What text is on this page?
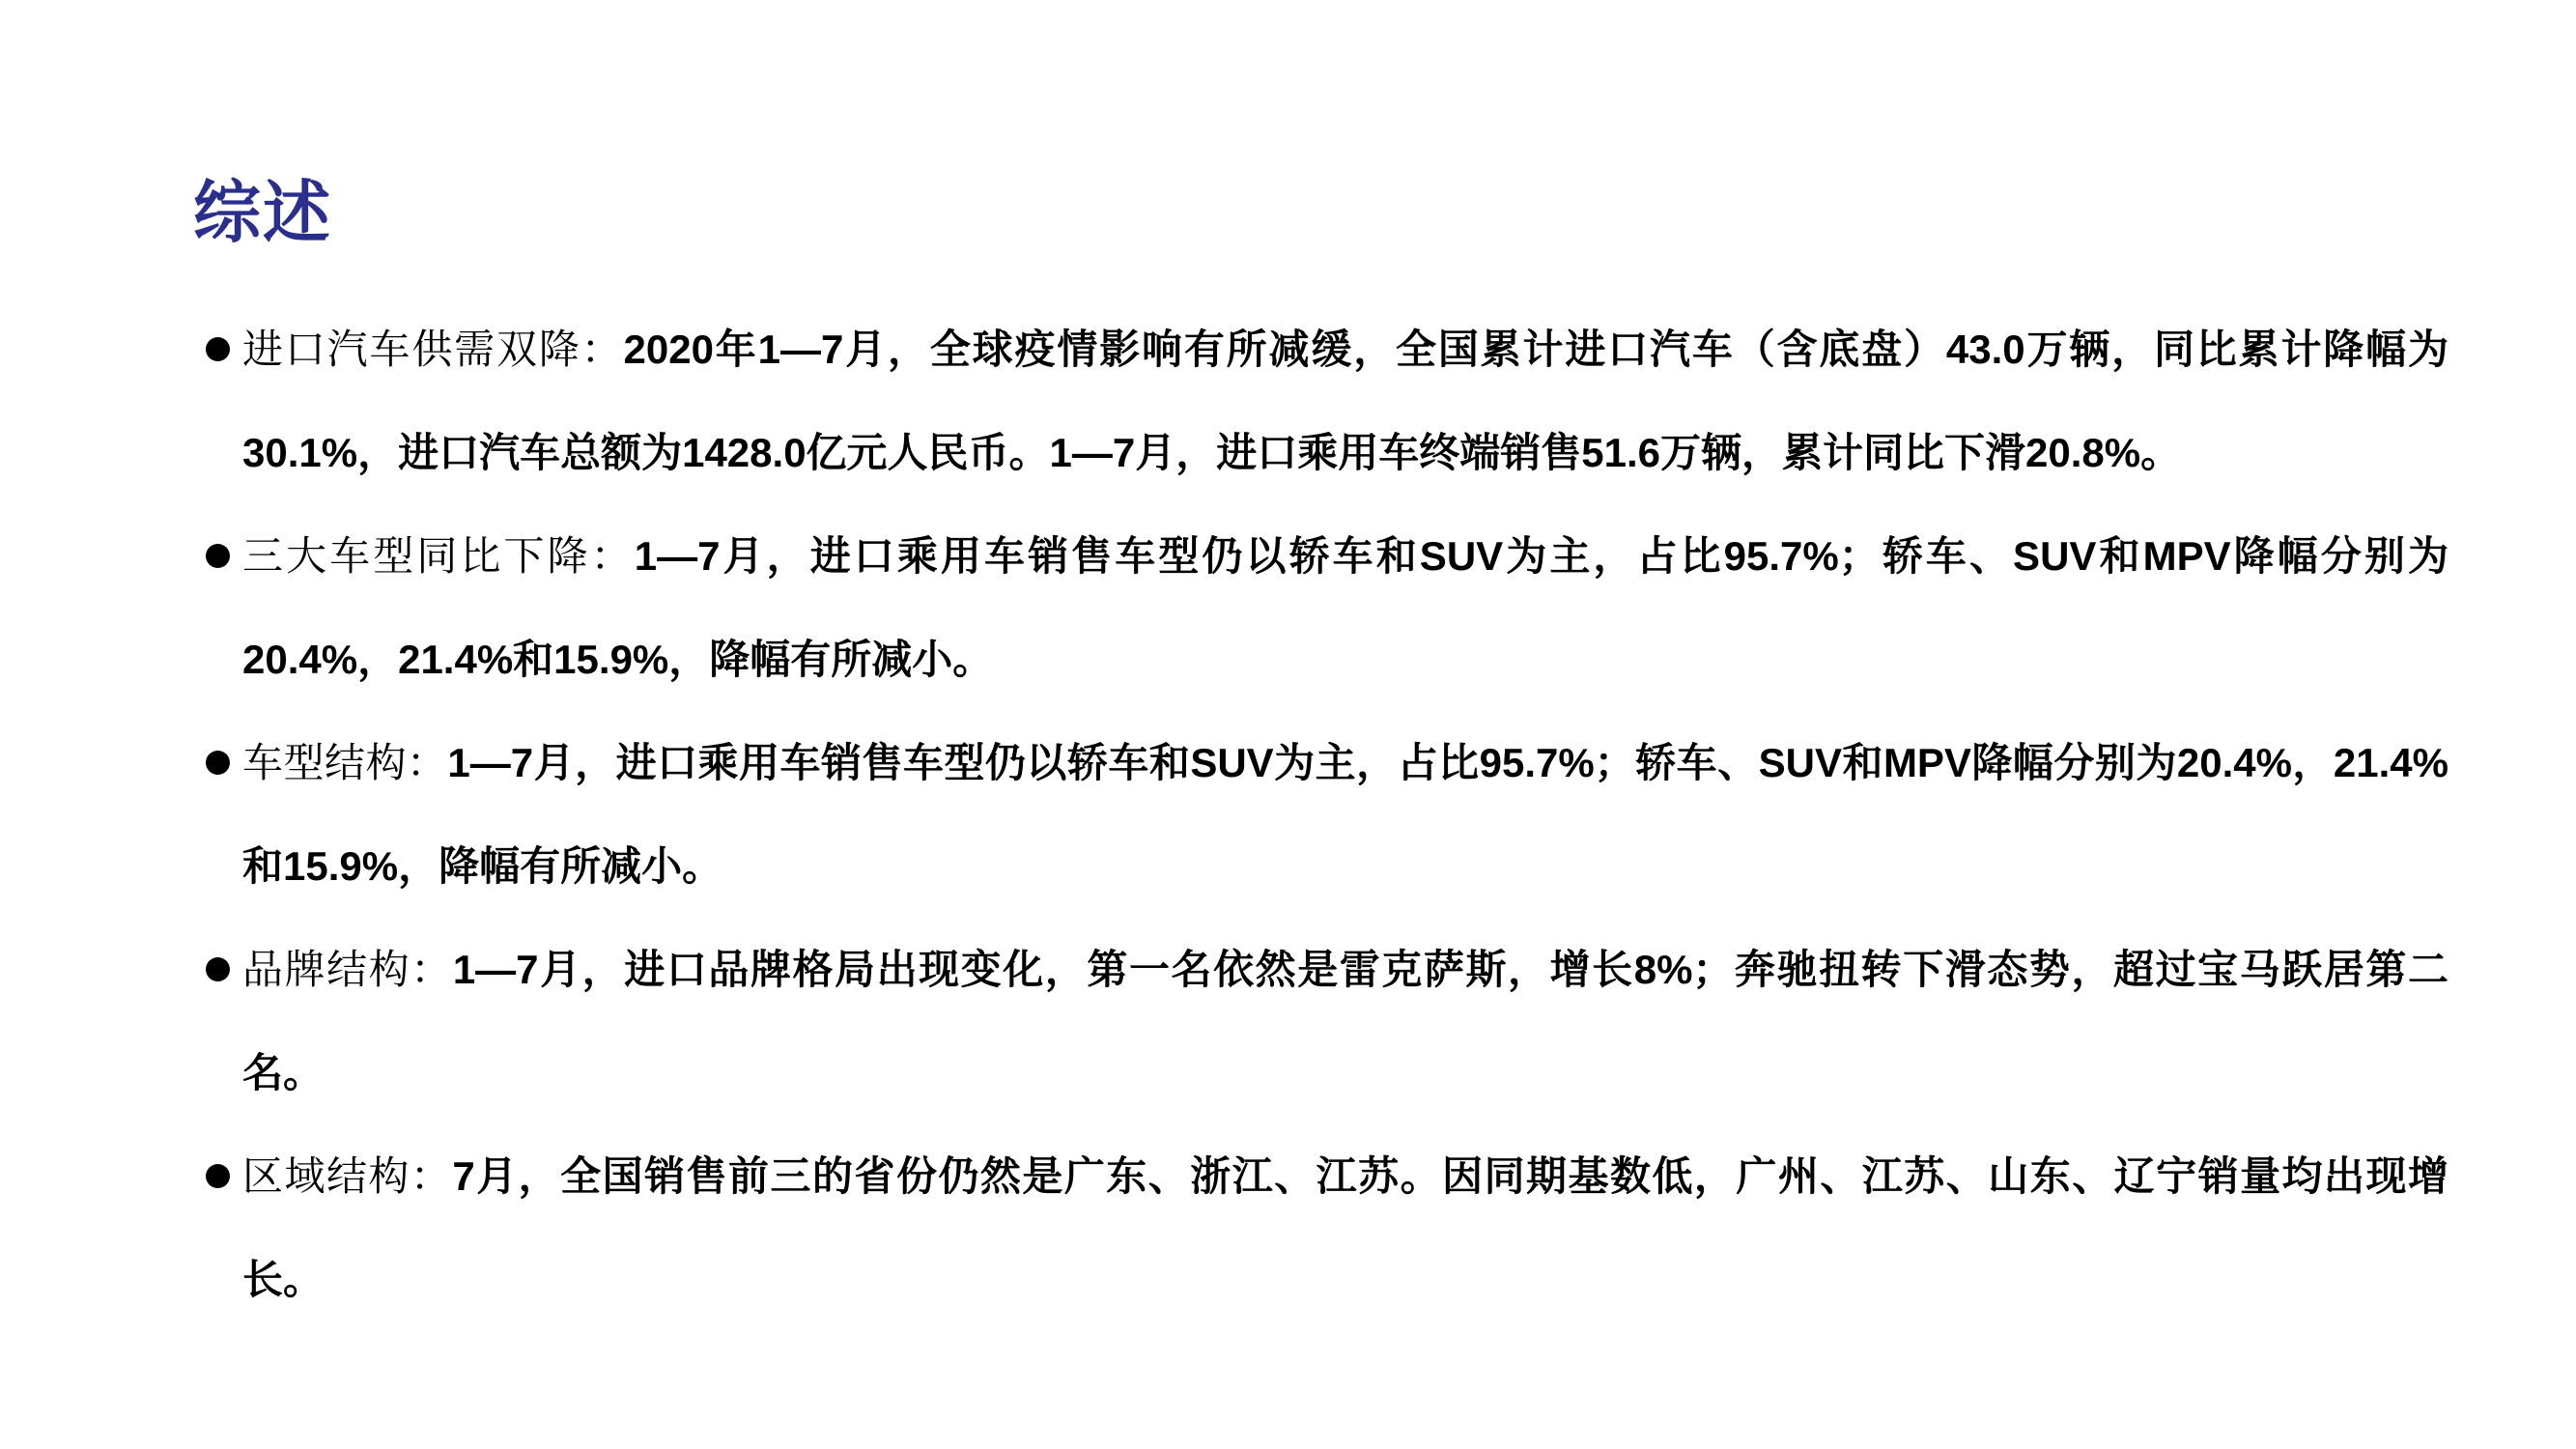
综述
进口汽车供需双降：2020年1—7月，全球疫情影响有所减缓，全国累计进口汽车（含底盘）43.0万辆，同比累计降幅为30.1%，进口汽车总额为1428.0亿元人民币。1—7月，进口乘用车终端销售51.6万辆，累计同比下滑20.8%。
三大车型同比下降：1—7月，进口乘用车销售车型仍以轿车和SUV为主，占比95.7%；轿车、SUV和MPV降幅分别为20.4%，21.4%和15.9%，降幅有所减小。
车型结构：1—7月，进口乘用车销售车型仍以轿车和SUV为主，占比95.7%；轿车、SUV和MPV降幅分别为20.4%，21.4%和15.9%，降幅有所减小。
品牌结构：1—7月，进口品牌格局出现变化，第一名依然是雷克萨斯，增长8%；奔驰扭转下滑态势，超过宝马跃居第二名。
区域结构：7月，全国销售前三的省份仍然是广东、浙江、江苏。因同期基数低，广州、江苏、山东、辽宁销量均出现增长。
